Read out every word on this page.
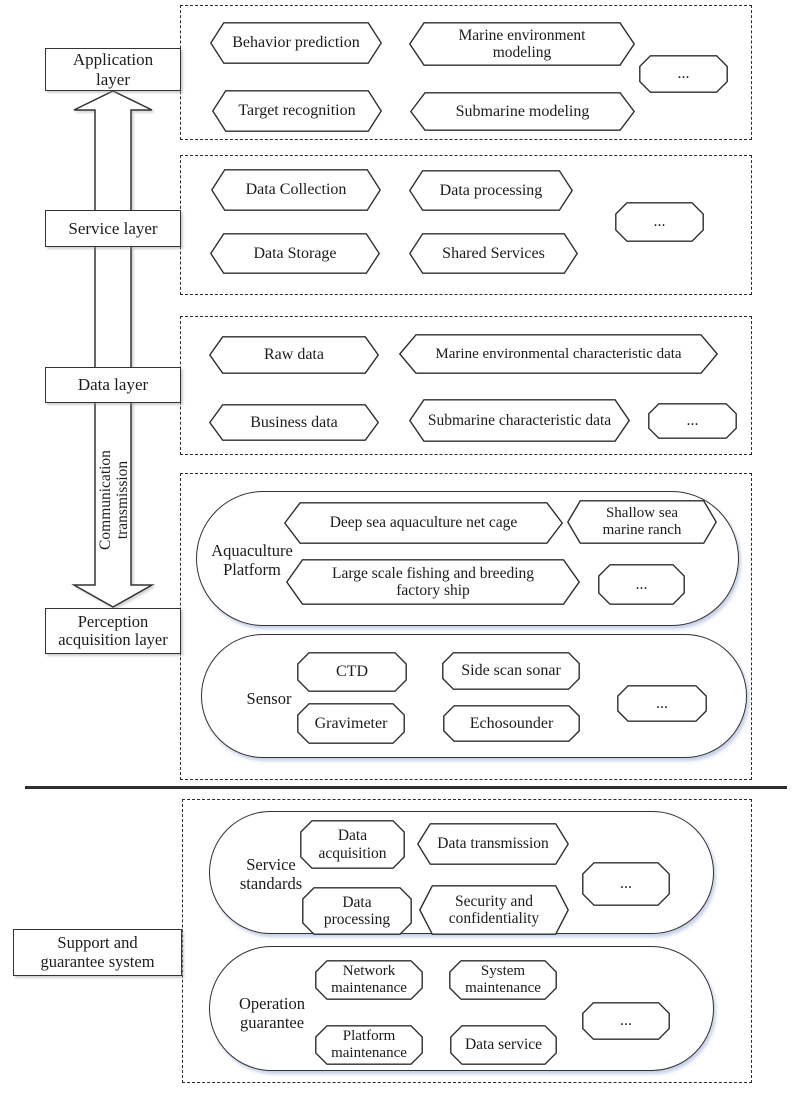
Communication transmission
Application layer
Service layer
Data layer
Perception acquisition layer
Support and guarantee system
Behavior prediction	Marine environment modeling
...
Target recognition	Submarine modeling
Data Collection	Data processing
...
Data Storage	Shared Services
Raw data	Marine environmental characteristic data
Business data	Submarine characteristic data	...
Aquaculture Platform
Deep sea aquaculture net cage
Shallow sea marine ranch
Large scale fishing and breeding factory ship	...
Sensor
CTD	Side scan sonar
Gravimeter	Echosounder
...
Service standards
Data acquisition
Data transmission
Data processing
Security and confidentiality
...
Operation guarantee
Network maintenance
System maintenance
Platform maintenance	Data service
...
